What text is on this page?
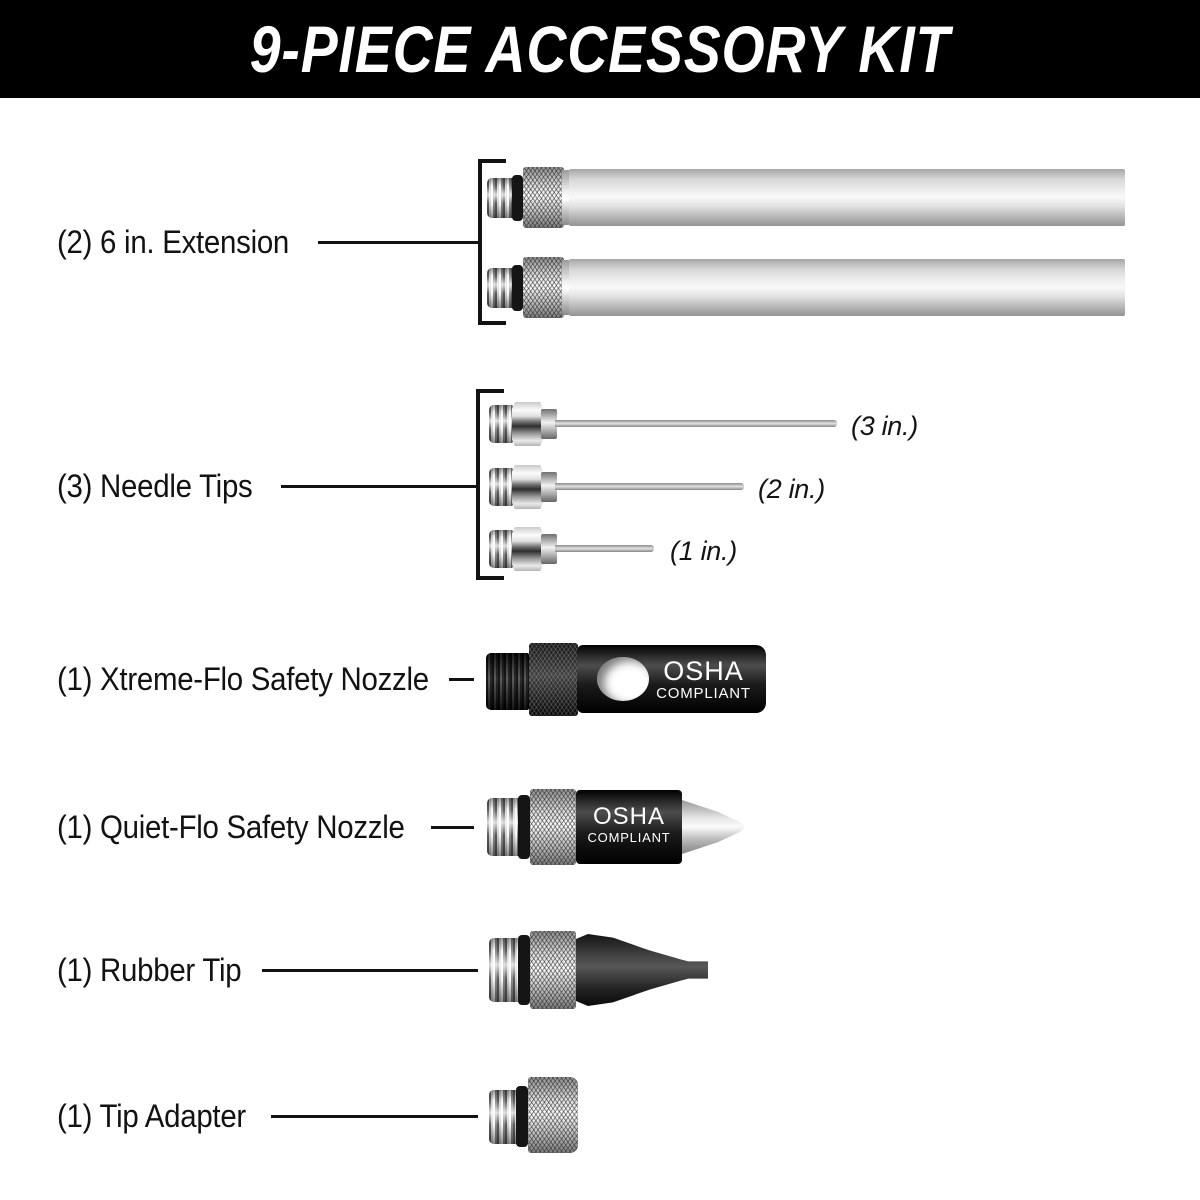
9-PIECE ACCESSORY KIT
(2) 6 in. Extension
(3) Needle Tips
(3 in.)
(2 in.)
(1 in.)
(1) Xtreme-Flo Safety Nozzle	OSHA
COMPLIANT
(1) Quiet-Flo Safety Nozzle	OSHA
COMPLIANT
(1) Rubber Tip
(1) Tip Adapter
